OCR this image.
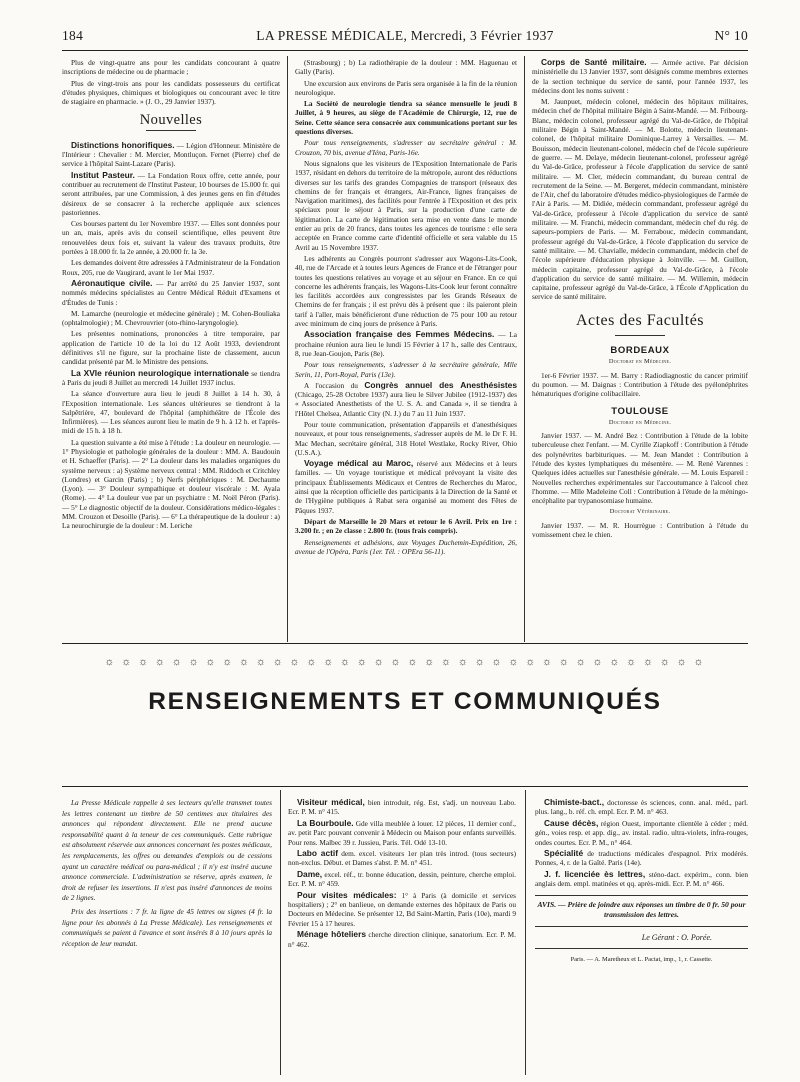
184	LA PRESSE MÉDICALE, Mercredi, 3 Février 1937	N° 10

Plus de vingt-quatre ans pour les candidats concourant à quatre inscriptions de médecine ou de pharmacie ;

Plus de vingt-trois ans pour les candidats possesseurs du certificat d'études physiques, chimiques et biologiques ou concourant avec le titre de stagiaire en pharmacie. » (J. O., 29 Janvier 1937).

Nouvelles

Distinctions honorifiques. — Légion d'Honneur. Ministère de l'Intérieur : Chevalier : M. Mercier, Montluçon. Fernet (Pierre) chef de service à l'hôpital Saint-Lazare (Paris).

Institut Pasteur. — La Fondation Roux offre, cette année, pour contribuer au recrutement de l'Institut Pasteur, 10 bourses de 15.000 fr. qui seront attribuées, par une Commission, à des jeunes gens en fin d'études désireux de se consacrer à la recherche appliquée aux sciences pastoriennes.

Ces bourses partent du 1er Novembre 1937. — Elles sont données pour un an, mais, après avis du conseil scientifique, elles peuvent être renouvelées deux fois et, suivant la valeur des travaux produits, être portées à 18.000 fr. la 2e année, à 20.000 fr. la 3e.

Les demandes doivent être adressées à l'Administrateur de la Fondation Roux, 205, rue de Vaugirard, avant le 1er Mai 1937.

Aéronautique civile. — Par arrêté du 25 Janvier 1937, sont nommés médecins spécialistes au Centre Médical Réduit d'Examens et d'Études de Tunis :

M. Lamarche (neurologie et médecine générale) ; M. Cohen-Bouliaka (ophtalmologie) ; M. Chevrouvrier (oto-rhino-laryngologie).

Les présentes nominations, prononcées à titre temporaire, par application de l'article 10 de la loi du 12 Août 1933, deviendront définitives s'il ne figure, sur la prochaine liste de classement, aucun candidat présenté par M. le Ministre des pensions.

La XVIe réunion neurologique internationale se tiendra à Paris du jeudi 8 Juillet au mercredi 14 Juillet 1937 inclus.

La séance d'ouverture aura lieu le jeudi 8 Juillet à 14 h. 30, à l'Exposition internationale. Les séances ultérieures se tiendront à la Salpêtrière, 47, boulevard de l'hôpital (amphithéâtre de l'École des Infirmières). — Les séances auront lieu le matin de 9 h. à 12 h. et l'après-midi de 15 h. à 18 h.

La question suivante a été mise à l'étude : La douleur en neurologie. — 1° Physiologie et pathologie générales de la douleur : MM. A. Baudouin et H. Schaeffer (Paris). — 2° La douleur dans les maladies organiques du système nerveux : a) Système nerveux central : MM. Riddoch et Critchley (Londres) et Garcin (Paris) ; b) Nerfs périphériques : M. Dechaume (Lyon). — 3° Douleur sympathique et douleur viscérale : M. Ayala (Rome). — 4° La douleur vue par un psychiatre : M. Noël Péron (Paris). — 5° Le diagnostic objectif de la douleur. Considérations médico-légales : MM. Crouzon et Desoille (Paris). — 6° La thérapeutique de la douleur : a) La neurochirurgie de la douleur : M. Leriche

(Strasbourg) ; b) La radiothérapie de la douleur : MM. Haguenau et Gally (Paris).

Une excursion aux environs de Paris sera organisée à la fin de la réunion neurologique.

La Société de neurologie tiendra sa séance mensuelle le jeudi 8 Juillet, à 9 heures, au siège de l'Académie de Chirurgie, 12, rue de Seine. Cette séance sera consacrée aux communications portant sur les questions diverses.

Pour tous renseignements, s'adresser au secrétaire général : M. Crouzon, 70 bis, avenue d'Iéna, Paris-16e.

Nous signalons que les visiteurs de l'Exposition Internationale de Paris 1937, résidant en dehors du territoire de la métropole, auront des réductions diverses sur les tarifs des grandes Compagnies de transport (réseaux des chemins de fer français et étrangers, Air-France, lignes françaises de Navigation maritimes), des facilités pour l'entrée à l'Exposition et des prix spéciaux pour le séjour à Paris, sur la production d'une carte de légitimation. La carte de légitimation sera mise en vente dans le monde entier au prix de 20 francs, dans toutes les agences de tourisme : elle sera acceptée en France comme carte d'identité officielle et sera valable du 15 Avril au 15 Novembre 1937.

Les adhérents au Congrès pourront s'adresser aux Wagons-Lits-Cook, 40, rue de l'Arcade et à toutes leurs Agences de France et de l'étranger pour toutes les questions relatives au voyage et au séjour en France. En ce qui concerne les adhérents français, les Wagons-Lits-Cook leur feront connaître les facilités accordées aux congressistes par les Grands Réseaux de Chemins de fer français ; il est prévu dès à présent que : ils paieront plein tarif à l'aller, mais bénéficieront d'une réduction de 75 pour 100 au retour avec minimum de cinq jours de présence à Paris.

Association française des Femmes Médecins. — La prochaine réunion aura lieu le lundi 15 Février à 17 h., salle des Centraux, 8, rue Jean-Goujon, Paris (8e).

Pour tous renseignements, s'adresser à la secrétaire générale, Mlle Serin, 11, Port-Royal, Paris (13e).

A l'occasion du Congrès annuel des Anesthésistes (Chicago, 25-28 Octobre 1937) aura lieu le Silver Jubilee (1912-1937) des « Associated Anesthetists of the U. S. A. and Canada », il se tiendra à l'Hôtel Chelsea, Atlantic City (N. J.) du 7 au 11 Juin 1937.

Pour toute communication, présentation d'appareils et d'anesthésiques nouveaux, et pour tous renseignements, s'adresser auprès de M. le Dr F. H. Mac Mechan, secrétaire général, 318 Hotel Westlake, Rocky River, Ohio (U.S.A.).

Voyage médical au Maroc, réservé aux Médecins et à leurs familles. — Un voyage touristique et médical prévoyant la visite des principaux Établissements Médicaux et Centres de Recherches du Maroc, ainsi que la réception officielle des participants à la Direction de la Santé et de l'Hygiène publiques à Rabat sera organisé au moment des Fêtes de Pâques 1937.

Départ de Marseille le 20 Mars et retour le 6 Avril. Prix en 1re : 3.200 fr. ; en 2e classe : 2.800 fr. (tous frais compris).

Renseignements et adhésions, aux Voyages Duchemin-Expédition, 26, avenue de l'Opéra, Paris (1er. Tél. : OPEra 56-11).

Corps de Santé militaire. — Armée active. Par décision ministérielle du 13 Janvier 1937, sont désignés comme membres externes de la section technique du service de santé, pour l'année 1937, les médecins dont les noms suivent :

M. Jaunpuet, médecin colonel, médecin des hôpitaux militaires, médecin chef de l'hôpital militaire Bégin à Saint-Mandé. — M. Fribourg-Blanc, médecin colonel, professeur agrégé du Val-de-Grâce, de l'hôpital militaire Bégin à Saint-Mandé. — M. Bolotte, médecin lieutenant-colonel, de l'hôpital militaire Dominique-Larrey à Versailles. — M. Bouisson, médecin lieutenant-colonel, médecin chef de l'école supérieure de guerre. — M. Delaye, médecin lieutenant-colonel, professeur agrégé du Val-de-Grâce, professeur à l'école d'application du service de santé militaire. — M. Cler, médecin commandant, du bureau central de recrutement de la Seine. — M. Bergeret, médecin commandant, ministère de l'Air, chef du laboratoire d'études médico-physiologiques de l'armée de l'Air à Paris. — M. Didiée, médecin commandant, professeur agrégé du Val-de-Grâce, professeur à l'école d'application du service de santé militaire. — M. Franchi, médecin commandant, médecin chef du rég. de sapeurs-pompiers de Paris. — M. Ferrabouc, médecin commandant, professeur agrégé du Val-de-Grâce, à l'école d'application du service de santé militaire. — M. Chavialle, médecin commandant, médecin chef de l'école supérieure d'éducation physique à Joinville. — M. Guillon, médecin capitaine, professeur agrégé du Val-de-Grâce, à l'école d'application du service de santé militaire. — M. Willemin, médecin capitaine, professeur agrégé du Val-de-Grâce, à l'École d'Application du service de santé militaire.

Actes des Facultés
BORDEAUX
Doctorat en Médecine.

1er-6 Février 1937. — M. Barry : Radiodiagnostic du cancer primitif du poumon. — M. Daignas : Contribution à l'étude des pyélonéphrites hématuriques d'origine colibacillaire.

TOULOUSE
Doctorat en Médecine.

Janvier 1937. — M. André Bez : Contribution à l'étude de la lobite tuberculeuse chez l'enfant. — M. Cyrille Ziapkoff : Contribution à l'étude des polynévrites barbituriques. — M. Jean Mandet : Contribution à l'étude des kystes lymphatiques du mésentère. — M. René Varennes : Quelques idées actuelles sur l'anesthésie générale. — M. Louis Espareil : Nouvelles recherches expérimentales sur l'accoutumance à l'alcool chez l'homme. — Mlle Madeleine Coll : Contribution à l'étude de la méningo-encéphalite par trypanosomiase humaine.

Doctorat Vétérinaire.

Janvier 1937. — M. R. Hourrègue : Contribution à l'étude du vomissement chez le chien.

☼ ☼ ☼ ☼ ☼ ☼ ☼ ☼ ☼ ☼ ☼ ☼ ☼ ☼ ☼ ☼ ☼ ☼ ☼ ☼ ☼ ☼ ☼ ☼ ☼ ☼ ☼ ☼ ☼ ☼ ☼ ☼ ☼ ☼ ☼ ☼
RENSEIGNEMENTS ET COMMUNIQUÉS

La Presse Médicale rappelle à ses lecteurs qu'elle transmet toutes les lettres contenant un timbre de 50 centimes aux titulaires des annonces qui répondent directement. Elle ne prend aucune responsabilité quant à la teneur de ces communiqués. Cette rubrique est absolument réservée aux annonces concernant les postes médicaux, les remplacements, les offres ou demandes d'emplois ou de cessions ayant un caractère médical ou para-médical ; il n'y est inséré aucune annonce commerciale. L'administration se réserve, après examen, le droit de refuser les insertions. Il n'est pas inséré d'annonces de moins de 2 lignes.

Prix des insertions : 7 fr. la ligne de 45 lettres ou signes (4 fr. la ligne pour les abonnés à La Presse Médicale). Les renseignements et communiqués se paient à l'avance et sont insérés 8 à 10 jours après la réception de leur mandat.

Visiteur médical, bien introduit, rég. Est, s'adj. un nouveau Labo. Ecr. P. M. n° 415.

La Bourboule. Gde villa meublée à louer. 12 pièces, 11 dernier conf., av. petit Parc pouvant convenir à Médecin ou Maison pour enfants surveillés. Pour rens. Malbec 39 r. Jussieu, Paris. Tél. Odé 13-10.

Labo actif dem. excel. visiteurs 1er plan très introd. (tous secteurs) non-exclus. Début. et Dames s'abst. P. M. n° 451.

Dame, excel. réf., tr. bonne éducation, dessin, peinture, cherche emploi. Ecr. P. M. n° 459.

Pour visites médicales: 1° à Paris (à domicile et services hospitaliers) ; 2° en banlieue, on demande externes des hôpitaux de Paris ou Docteurs en Médecine. Se présenter 12, Bd Saint-Martin, Paris (10e), mardi 9 Février 15 à 17 heures.

Ménage hôteliers cherche direction clinique, sanatorium. Ecr. P. M. n° 462.

Chimiste-bact., doctoresse ès sciences, conn. anal. méd., parl. plus. lang., b. réf. ch. empl. Ecr. P. M. n° 463.

Cause décès, région Ouest, importante clientèle à céder ; méd. gén., voies resp. et app. dig., av. instal. radio. ultra-violets, infra-rouges, ondes courtes. Ecr. P. M., n° 464.

Spécialité de traductions médicales d'espagnol. Prix modérés. Ponnes, 4, r. de la Gaîté. Paris (14e).

J. f. licenciée ès lettres, sténo-dact. expérim., conn. bien anglais dem. empl. matinées et qq. après-midi. Ecr. P. M. n° 466.

AVIS. — Prière de joindre aux réponses un timbre de 0 fr. 50 pour transmission des lettres.
Le Gérant : O. Porée.
Paris. — A. Maretheux et L. Pactat, imp., 1, r. Cassette.
